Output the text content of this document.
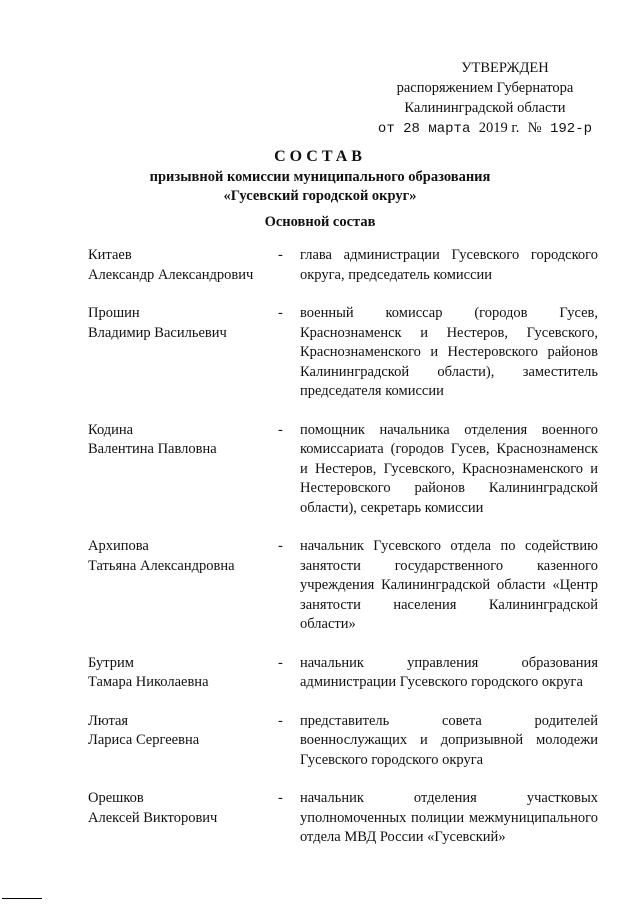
УТВЕРЖДЕН
распоряжением Губернатора
Калининградской области
от 28 марта 2019 г. № 192-р
СОСТАВ
призывной комиссии муниципального образования
«Гусевский городской округ»
Основной состав
Китаев
Александр Александрович
-	глава администрации Гусевского городского округа, председатель комиссии
Прошин
Владимир Васильевич
-	военный комиссар (городов Гусев, Краснознаменск и Нестеров, Гусевского, Краснознаменского и Нестеровского районов Калининградской области), заместитель председателя комиссии
Кодина
Валентина Павловна
-	помощник начальника отделения военного комиссариата (городов Гусев, Краснознаменск и Нестеров, Гусевского, Краснознаменского и Нестеровского районов Калининградской области), секретарь комиссии
Архипова
Татьяна Александровна
-	начальник Гусевского отдела по содействию занятости государственного казенного учреждения Калининградской области «Центр занятости населения Калининградской области»
Бутрим
Тамара Николаевна
-	начальник управления образования администрации Гусевского городского округа
Лютая
Лариса Сергеевна
-	представитель совета родителей военнослужащих и допризывной молодежи Гусевского городского округа
Орешков
Алексей Викторович
-	начальник отделения участковых уполномоченных полиции межмуниципального отдела МВД России «Гусевский»
